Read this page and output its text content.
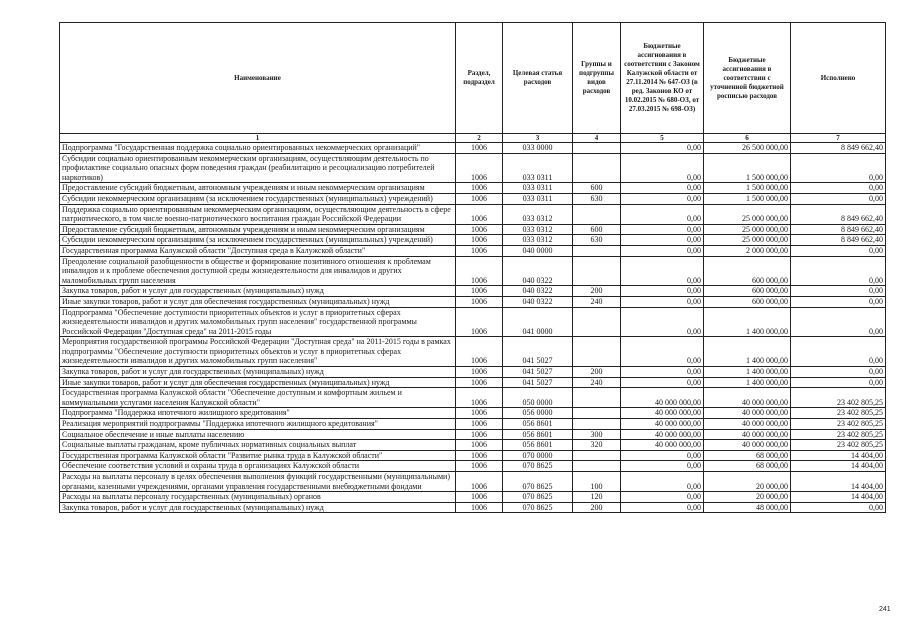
Наименование	Раздел, подраздел	Целевая статья расходов	Группы и подгруппы видов расходов	Бюджетные ассигнования в соответствии с Законом Калужской области от 27.11.2014 № 647-ОЗ (в ред. Законов КО от 10.02.2015 № 680-ОЗ, от 27.03.2015 № 698-ОЗ)	Бюджетные ассигнования в соответствии с уточненной бюджетной росписью расходов	Исполнено
1	2	3	4	5	6	7
Подпрограмма "Государственная поддержка социально ориентированных некоммерческих организаций"	1006	033 0000		0,00	26 500 000,00	8 849 662,40
Субсидии социально ориентированным некоммерческим организациям, осуществляющим деятельность по профилактике социально опасных форм поведения граждан (реабилитацию и ресоциализацию потребителей наркотиков)	1006	033 0311		0,00	1 500 000,00	0,00
Предоставление субсидий бюджетным, автономным учреждениям и иным некоммерческим организациям	1006	033 0311	600	0,00	1 500 000,00	0,00
Субсидии некоммерческим организациям (за исключением государственных (муниципальных) учреждений)	1006	033 0311	630	0,00	1 500 000,00	0,00
Поддержка социально ориентированным некоммерческим организациям, осуществляющим деятельность в сфере патриотического, в том числе военно-патриотического воспитания граждан Российской Федерации	1006	033 0312		0,00	25 000 000,00	8 849 662,40
Предоставление субсидий бюджетным, автономным учреждениям и иным некоммерческим организациям	1006	033 0312	600	0,00	25 000 000,00	8 849 662,40
Субсидии некоммерческим организациям (за исключением государственных (муниципальных) учреждений)	1006	033 0312	630	0,00	25 000 000,00	8 849 662,40
Государственная программа Калужской области "Доступная среда в Калужской области"	1006	040 0000		0,00	2 000 000,00	0,00
Преодоление социальной разобщенности в обществе и формирование позитивного отношения к проблемам инвалидов и к проблеме обеспечения доступной среды жизнедеятельности для инвалидов и других маломобильных групп населения	1006	040 0322		0,00	600 000,00	0,00
Закупка товаров, работ и услуг для государственных (муниципальных) нужд	1006	040 0322	200	0,00	600 000,00	0,00
Иные закупки товаров, работ и услуг для обеспечения государственных (муниципальных) нужд	1006	040 0322	240	0,00	600 000,00	0,00
Подпрограмма "Обеспечение доступности приоритетных объектов и услуг в приоритетных сферах жизнедеятельности инвалидов и других маломобильных групп населения" государственной программы Российской Федерации "Доступная среда" на 2011-2015 годы	1006	041 0000		0,00	1 400 000,00	0,00
Мероприятия государственной программы Российской Федерации "Доступная среда" на 2011-2015 годы в рамках подпрограммы "Обеспечение доступности приоритетных объектов и услуг в приоритетных сферах жизнедеятельности инвалидов и других маломобильных групп населения"	1006	041 5027		0,00	1 400 000,00	0,00
Закупка товаров, работ и услуг для государственных (муниципальных) нужд	1006	041 5027	200	0,00	1 400 000,00	0,00
Иные закупки товаров, работ и услуг для обеспечения государственных (муниципальных) нужд	1006	041 5027	240	0,00	1 400 000,00	0,00
Государственная программа Калужской области "Обеспечение доступным и комфортным жильем и коммунальными услугами населения Калужской области"	1006	050 0000		40 000 000,00	40 000 000,00	23 402 805,25
Подпрограмма "Поддержка ипотечного жилищного кредитования"	1006	056 0000		40 000 000,00	40 000 000,00	23 402 805,25
Реализация мероприятий подпрограммы "Поддержка ипотечного жилищного кредитования"	1006	056 8601		40 000 000,00	40 000 000,00	23 402 805,25
Социальное обеспечение и иные выплаты населению	1006	056 8601	300	40 000 000,00	40 000 000,00	23 402 805,25
Социальные выплаты гражданам, кроме публичных нормативных социальных выплат	1006	056 8601	320	40 000 000,00	40 000 000,00	23 402 805,25
Государственная программа Калужской области "Развитие рынка труда в Калужской области"	1006	070 0000		0,00	68 000,00	14 404,00
Обеспечение соответствия условий и охраны труда в организациях Калужской области	1006	070 8625		0,00	68 000,00	14 404,00
Расходы на выплаты персоналу в целях обеспечения выполнения функций государственными (муниципальными) органами, казенными учреждениями, органами управления государственными внебюджетными фондами	1006	070 8625	100	0,00	20 000,00	14 404,00
Расходы на выплаты персоналу государственных (муниципальных) органов	1006	070 8625	120	0,00	20 000,00	14 404,00
Закупка товаров, работ и услуг для государственных (муниципальных) нужд	1006	070 8625	200	0,00	48 000,00	0,00
241
